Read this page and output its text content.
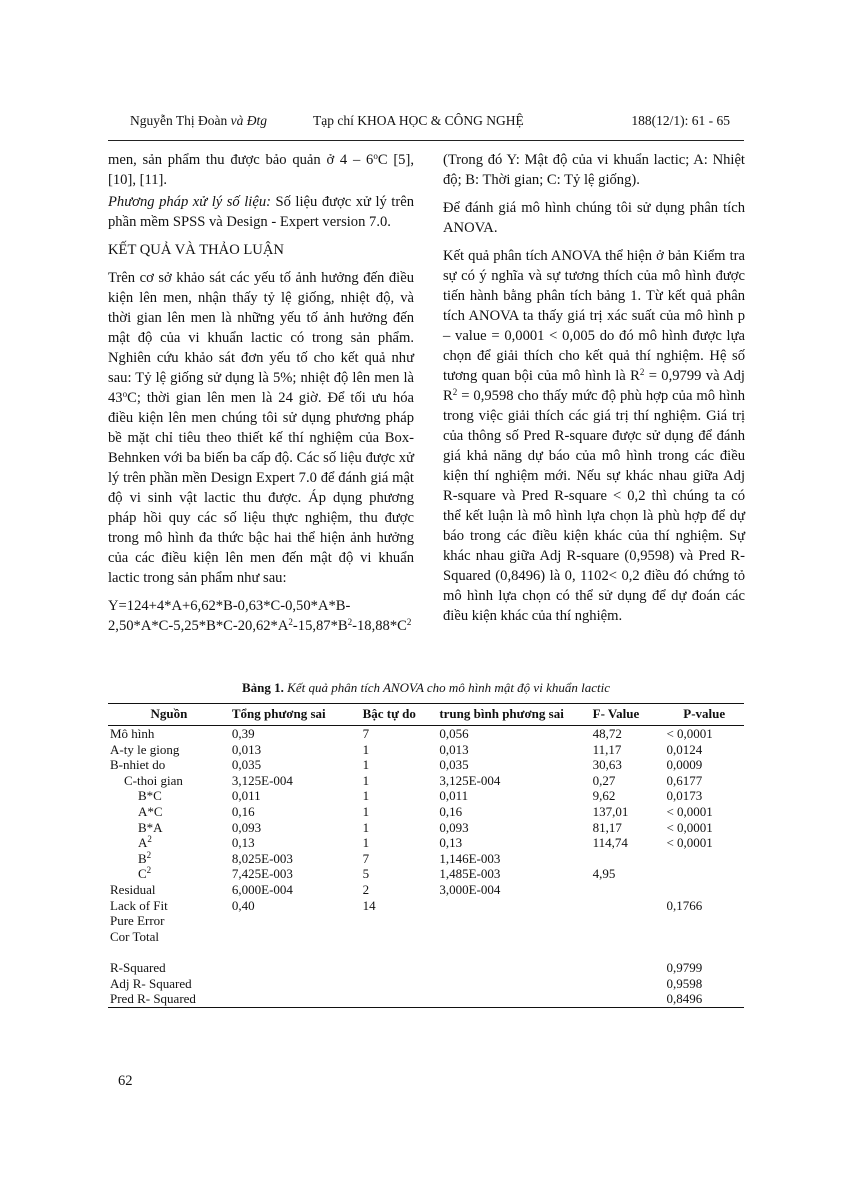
Nguyễn Thị Đoàn và Đtg	Tạp chí KHOA HỌC & CÔNG NGHỆ	188(12/1): 61 - 65

men, sản phẩm thu được bảo quản ở 4 – 6$^o$C [5], [10], [11].

Phương pháp xử lý số liệu: Số liệu được xử lý trên phần mềm SPSS và Design - Expert version 7.0.

KẾT QUẢ VÀ THẢO LUẬN

Trên cơ sở khảo sát các yếu tố ảnh hưởng đến điều kiện lên men, nhận thấy tỷ lệ giống, nhiệt độ, và thời gian lên men là những yếu tố ảnh hưởng đến mật độ của vi khuẩn lactic có trong sản phẩm. Nghiên cứu khảo sát đơn yếu tố cho kết quả như sau: Tỷ lệ giống sử dụng là 5%; nhiệt độ lên men là 43$^o$C; thời gian lên men là 24 giờ. Để tối ưu hóa điều kiện lên men chúng tôi sử dụng phương pháp bề mặt chỉ tiêu theo thiết kế thí nghiệm của Box-Behnken với ba biến ba cấp độ. Các số liệu được xử lý trên phần mền Design Expert 7.0 để đánh giá mật độ vi sinh vật lactic thu được. Áp dụng phương pháp hồi quy các số liệu thực nghiệm, thu được trong mô hình đa thức bậc hai thể hiện ảnh hưởng của các điều kiện lên men đến mật độ vi khuẩn lactic trong sản phẩm như sau:

$Y=124+4*A+6,62*B-0,63*C-0,50*A*B-2,50*A*C-5,25*B*C-20,62*A^2-15,87*B^2-18,88*C^2$

(Trong đó Y: Mật độ của vi khuẩn lactic; A: Nhiệt độ; B: Thời gian; C: Tỷ lệ giống).

Để đánh giá mô hình chúng tôi sử dụng phân tích ANOVA.

Kết quả phân tích ANOVA thể hiện ở bản Kiểm tra sự có ý nghĩa và sự tương thích của mô hình được tiến hành bằng phân tích bảng 1. Từ kết quả phân tích ANOVA ta thấy giá trị xác suất của mô hình p – value = 0,0001 < 0,005 do đó mô hình được lựa chọn để giải thích cho kết quả thí nghiệm. Hệ số tương quan bội của mô hình là $R^2 = 0,9799$ và Adj $R^2 = 0,9598$ cho thấy mức độ phù hợp của mô hình trong việc giải thích các giá trị thí nghiệm. Giá trị của thông số Pred R-square được sử dụng để đánh giá khả năng dự báo của mô hình trong các điều kiện thí nghiệm mới. Nếu sự khác nhau giữa Adj R-square và Pred R-square < 0,2 thì chúng ta có thể kết luận là mô hình lựa chọn là phù hợp để dự báo trong các điều kiện khác của thí nghiệm. Sự khác nhau giữa Adj R-square (0,9598) và Pred R- Squared (0,8496) là 0, 1102< 0,2 điều đó chứng tỏ mô hình lựa chọn có thể sử dụng để dự đoán các điều kiện khác của thí nghiệm.

Bảng 1. Kết quả phân tích ANOVA cho mô hình mật độ vi khuẩn lactic
Nguồn	Tổng phương sai	Bậc tự do	trung bình phương sai	F- Value	P-value
Mô hình	0,39	7	0,056	48,72	< 0,0001
A-ty le giong	0,013	1	0,013	11,17	0,0124
B-nhiet do	0,035	1	0,035	30,63	0,0009
C-thoi gian	3,125E-004	1	3,125E-004	0,27	0,6177
B*C	0,011	1	0,011	9,62	0,0173
A*C	0,16	1	0,16	137,01	< 0,0001
B*A	0,093	1	0,093	81,17	< 0,0001
$A^2$	0,13	1	0,13	114,74	< 0,0001
$B^2$	8,025E-003	7	1,146E-003		
$C^2$	7,425E-003	5	1,485E-003	4,95	
Residual	6,000E-004	2	3,000E-004		
Lack of Fit	0,40	14			0,1766
Pure Error					
Cor Total					

R-Squared					0,9799
Adj R- Squared					0,9598
Pred R- Squared					0,8496
62
